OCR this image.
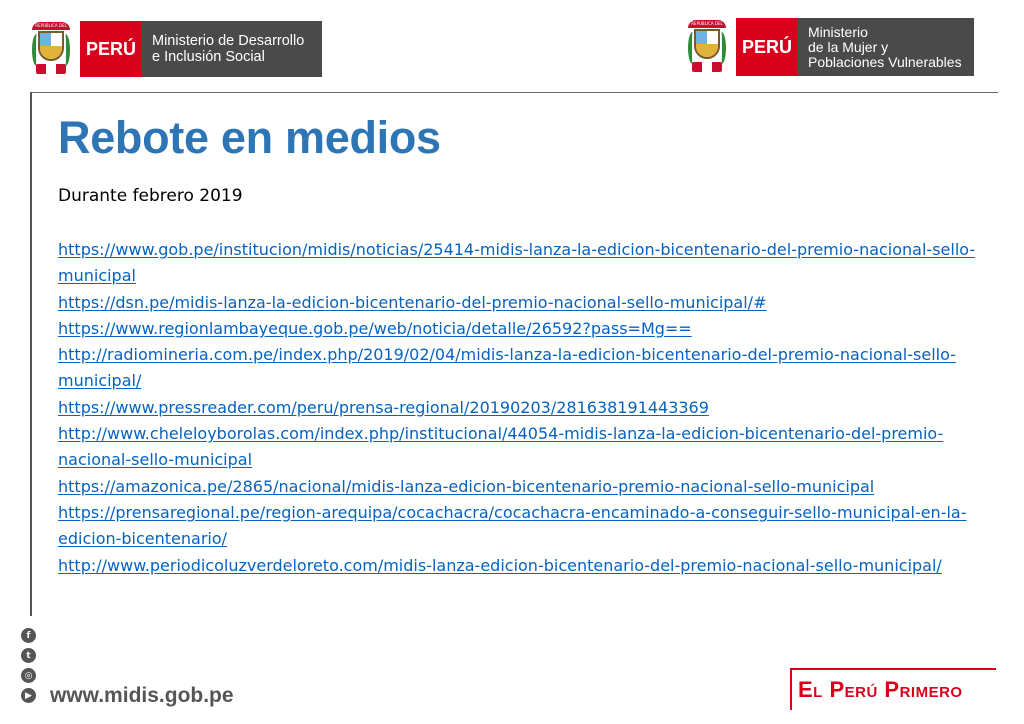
REPÚBLICA DEL
PERÚ	Ministerio de Desarrollo
e Inclusión Social
REPÚBLICA DEL
PERÚ
Ministerio
de la Mujer y
Poblaciones Vulnerables
Rebote en medios

Durante febrero 2019

https://www.gob.pe/institucion/midis/noticias/25414-midis-lanza-la-edicion-bicentenario-del-premio-nacional-sello-municipal
https://dsn.pe/midis-lanza-la-edicion-bicentenario-del-premio-nacional-sello-municipal/#
https://www.regionlambayeque.gob.pe/web/noticia/detalle/26592?pass=Mg==
http://radiomineria.com.pe/index.php/2019/02/04/midis-lanza-la-edicion-bicentenario-del-premio-nacional-sello-municipal/
https://www.pressreader.com/peru/prensa-regional/20190203/281638191443369
http://www.cheleloyborolas.com/index.php/institucional/44054-midis-lanza-la-edicion-bicentenario-del-premio-nacional-sello-municipal
https://amazonica.pe/2865/nacional/midis-lanza-edicion-bicentenario-premio-nacional-sello-municipal
https://prensaregional.pe/region-arequipa/cocachacra/cocachacra-encaminado-a-conseguir-sello-municipal-en-la-edicion-bicentenario/
http://www.periodicoluzverdeloreto.com/midis-lanza-edicion-bicentenario-del-premio-nacional-sello-municipal/
f
t
◎
▶ www.midis.gob.pe	El Perú Primero
